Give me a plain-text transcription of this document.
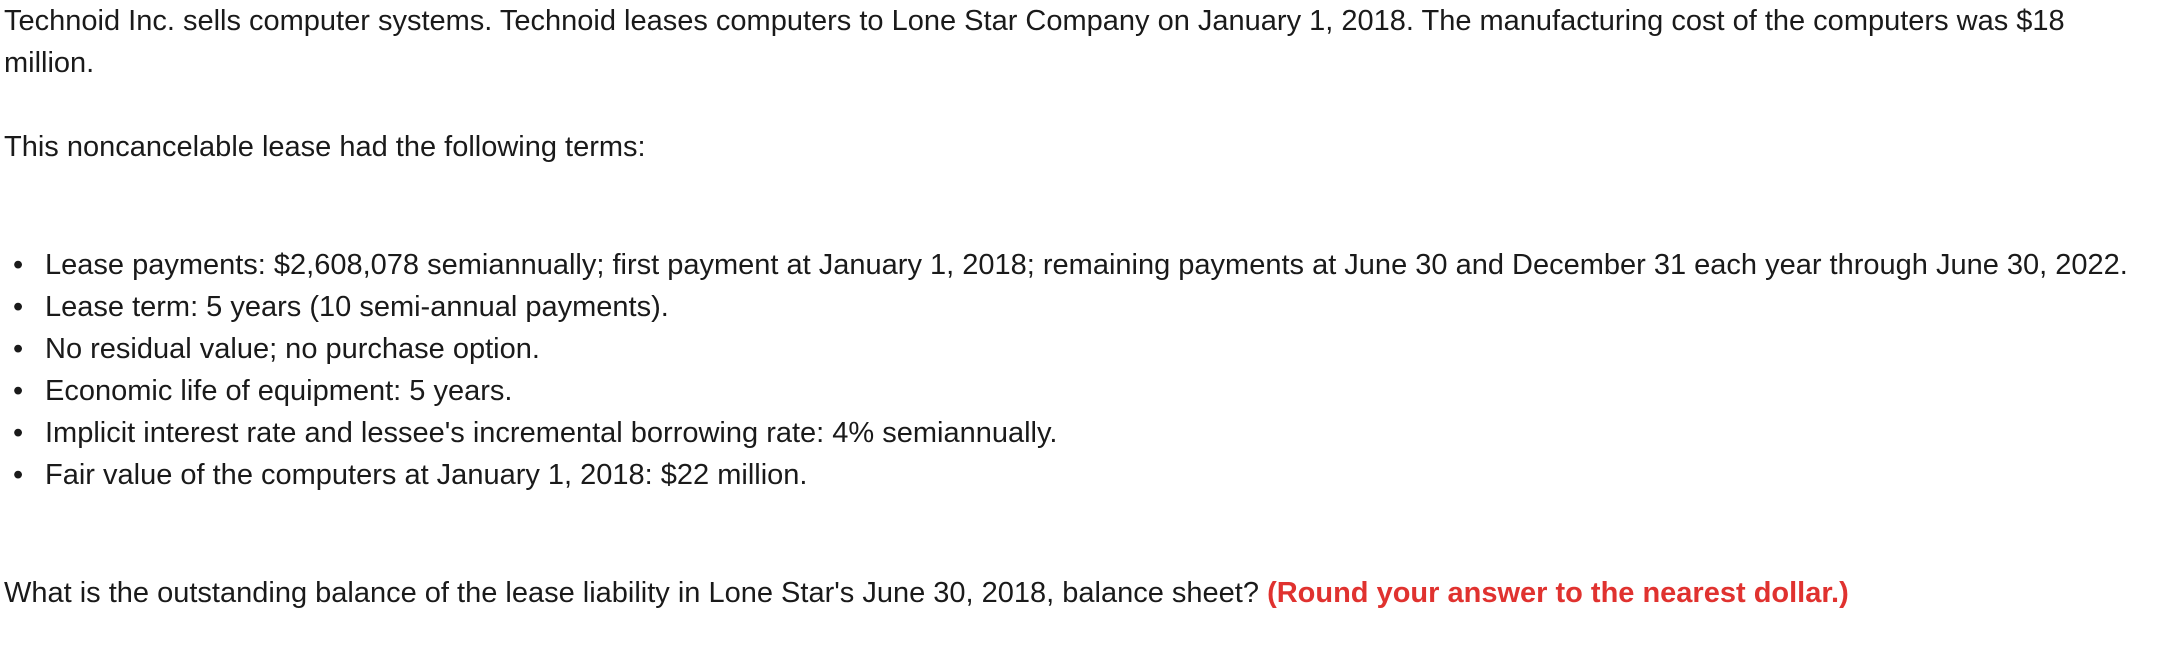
Technoid Inc. sells computer systems. Technoid leases computers to Lone Star Company on January 1, 2018. The manufacturing cost of the computers was $18 million.

This noncancelable lease had the following terms:

• Lease payments: $2,608,078 semiannually; first payment at January 1, 2018; remaining payments at June 30 and December 31 each year through June 30, 2022.
• Lease term: 5 years (10 semi-annual payments).
• No residual value; no purchase option.
• Economic life of equipment: 5 years.
• Implicit interest rate and lessee's incremental borrowing rate: 4% semiannually.
• Fair value of the computers at January 1, 2018: $22 million.

What is the outstanding balance of the lease liability in Lone Star's June 30, 2018, balance sheet? (Round your answer to the nearest dollar.)
